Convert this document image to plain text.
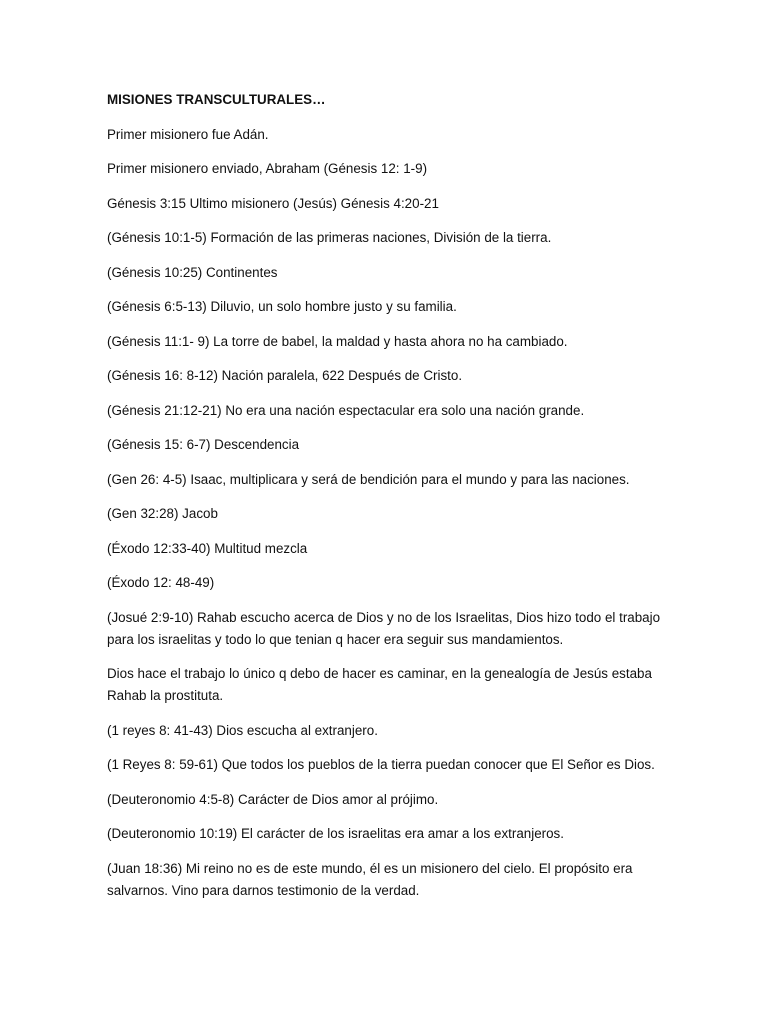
MISIONES TRANSCULTURALES…
Primer misionero fue Adán.
Primer misionero enviado, Abraham (Génesis 12: 1-9)
Génesis 3:15 Ultimo misionero (Jesús) Génesis 4:20-21
(Génesis 10:1-5) Formación de las primeras naciones, División de la tierra.
(Génesis 10:25) Continentes
(Génesis 6:5-13) Diluvio, un solo hombre justo y su familia.
(Génesis 11:1- 9) La torre de babel, la maldad y hasta ahora no ha cambiado.
(Génesis 16: 8-12) Nación paralela, 622 Después de Cristo.
(Génesis 21:12-21) No era una nación espectacular era solo una nación grande.
(Génesis 15: 6-7) Descendencia
(Gen 26: 4-5) Isaac, multiplicara y será de bendición para el mundo y para las naciones.
(Gen 32:28) Jacob
(Éxodo 12:33-40) Multitud mezcla
(Éxodo 12: 48-49)
(Josué 2:9-10) Rahab escucho acerca de Dios y no de los Israelitas, Dios hizo todo el trabajo para los israelitas y todo lo que tenian q hacer era seguir sus mandamientos.
Dios hace el trabajo lo único q debo de hacer es caminar, en la genealogía de Jesús estaba Rahab la prostituta.
(1 reyes 8: 41-43) Dios escucha al extranjero.
(1 Reyes 8: 59-61) Que todos los pueblos de la tierra puedan conocer que El Señor es Dios.
(Deuteronomio 4:5-8) Carácter de Dios amor al prójimo.
(Deuteronomio 10:19) El carácter de los israelitas era amar a los extranjeros.
(Juan 18:36) Mi reino no es de este mundo, él es un misionero del cielo. El propósito era salvarnos. Vino para darnos testimonio de la verdad.
